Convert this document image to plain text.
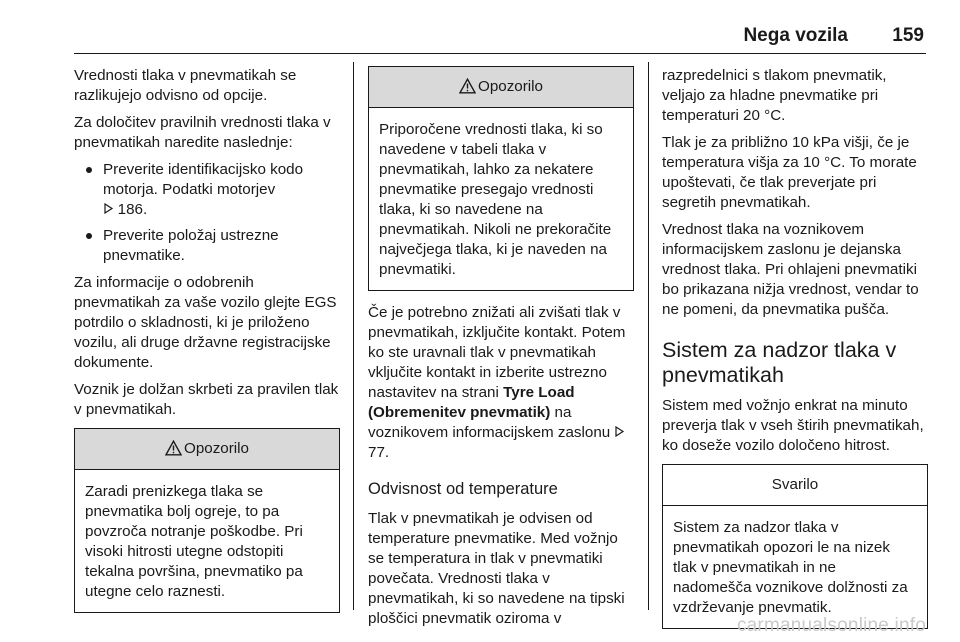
Nega vozila 159

Vrednosti tlaka v pnevmatikah se razlikujejo odvisno od opcije.

Za določitev pravilnih vrednosti tlaka v pnevmatikah naredite naslednje:

Preverite identifikacijsko kodo motorja. Podatki motorjev
186.
Preverite položaj ustrezne pnevmatike.

Za informacije o odobrenih pnevmatikah za vaše vozilo glejte EGS potrdilo o skladnosti, ki je priloženo vozilu, ali druge državne registracijske dokumente.

Voznik je dolžan skrbeti za pravilen tlak v pnevmatikah.

Opozorilo
Zaradi prenizkega tlaka se pnevmatika bolj ogreje, to pa povzroča notranje poškodbe. Pri visoki hitrosti utegne odstopiti tekalna površina, pnevmatiko pa utegne celo raznesti.
Opozorilo
Priporočene vrednosti tlaka, ki so navedene v tabeli tlaka v pnevmatikah, lahko za nekatere pnevmatike presegajo vrednosti tlaka, ki so navedene na pnevmatikah. Nikoli ne prekoračite največjega tlaka, ki je naveden na pnevmatiki.

Če je potrebno znižati ali zvišati tlak v pnevmatikah, izključite kontakt. Potem ko ste uravnali tlak v pnevmatikah vključite kontakt in izberite ustrezno nastavitev na strani Tyre Load (Obremenitev pnevmatik) na voznikovem informacijskem zaslonu  77.

Odvisnost od temperature

Tlak v pnevmatikah je odvisen od temperature pnevmatike. Med vožnjo se temperatura in tlak v pnevmatiki povečata. Vrednosti tlaka v pnevmatikah, ki so navedene na tipski ploščici pnevmatik oziroma v

razpredelnici s tlakom pnevmatik, veljajo za hladne pnevmatike pri temperaturi 20 °C.

Tlak je za približno 10 kPa višji, če je temperatura višja za 10 °C. To morate upoštevati, če tlak preverjate pri segretih pnevmatikah.

Vrednost tlaka na voznikovem informacijskem zaslonu je dejanska vrednost tlaka. Pri ohlajeni pnevmatiki bo prikazana nižja vrednost, vendar to ne pomeni, da pnevmatika pušča.

Sistem za nadzor tlaka v pnevmatikah

Sistem med vožnjo enkrat na minuto preverja tlak v vseh štirih pnevmatikah, ko doseže vozilo določeno hitrost.

Svarilo
Sistem za nadzor tlaka v pnevmatikah opozori le na nizek tlak v pnevmatikah in ne nadomešča voznikove dolžnosti za vzdrževanje pnevmatik.
carmanualsonline.info
